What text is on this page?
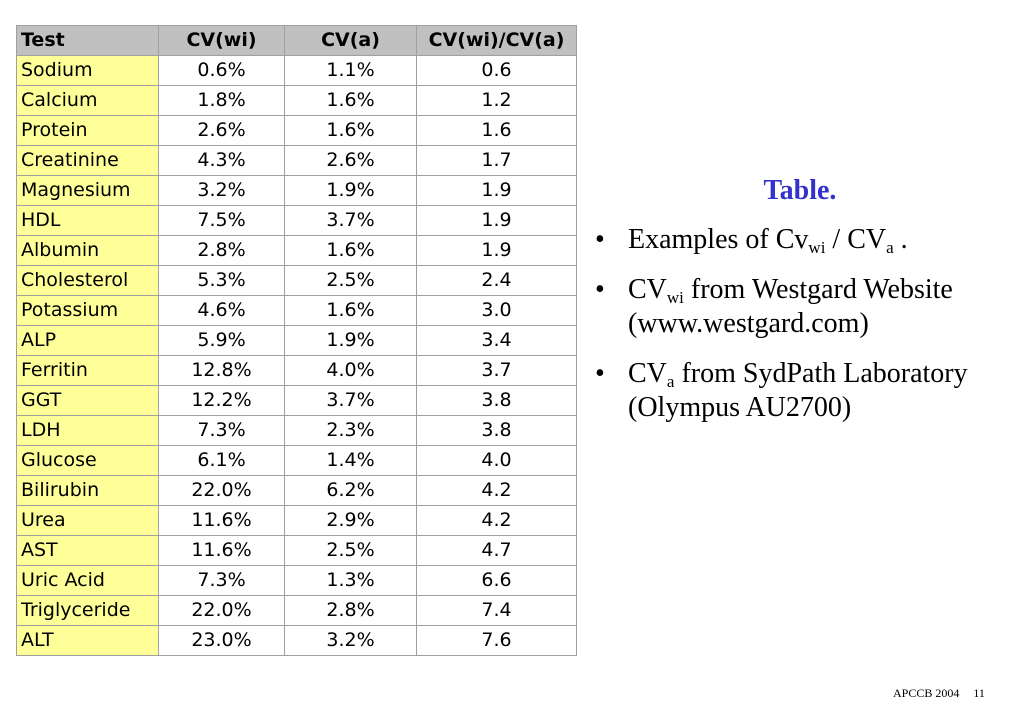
Test	CV(wi)	CV(a)	CV(wi)/CV(a)
Sodium	0.6%	1.1%	0.6
Calcium	1.8%	1.6%	1.2
Protein	2.6%	1.6%	1.6
Creatinine	4.3%	2.6%	1.7
Magnesium	3.2%	1.9%	1.9
HDL	7.5%	3.7%	1.9
Albumin	2.8%	1.6%	1.9
Cholesterol	5.3%	2.5%	2.4
Potassium	4.6%	1.6%	3.0
ALP	5.9%	1.9%	3.4
Ferritin	12.8%	4.0%	3.7
GGT	12.2%	3.7%	3.8
LDH	7.3%	2.3%	3.8
Glucose	6.1%	1.4%	4.0
Bilirubin	22.0%	6.2%	4.2
Urea	11.6%	2.9%	4.2
AST	11.6%	2.5%	4.7
Uric Acid	7.3%	1.3%	6.6
Triglyceride	22.0%	2.8%	7.4
ALT	23.0%	3.2%	7.6
Table.
• Examples of $Cv_{wi} / CV_a$ .
• $CV_{wi}$ from Westgard Website (www.westgard.com)
• $CV_a$ from SydPath Laboratory (Olympus AU2700)
APCCB 2004 11
